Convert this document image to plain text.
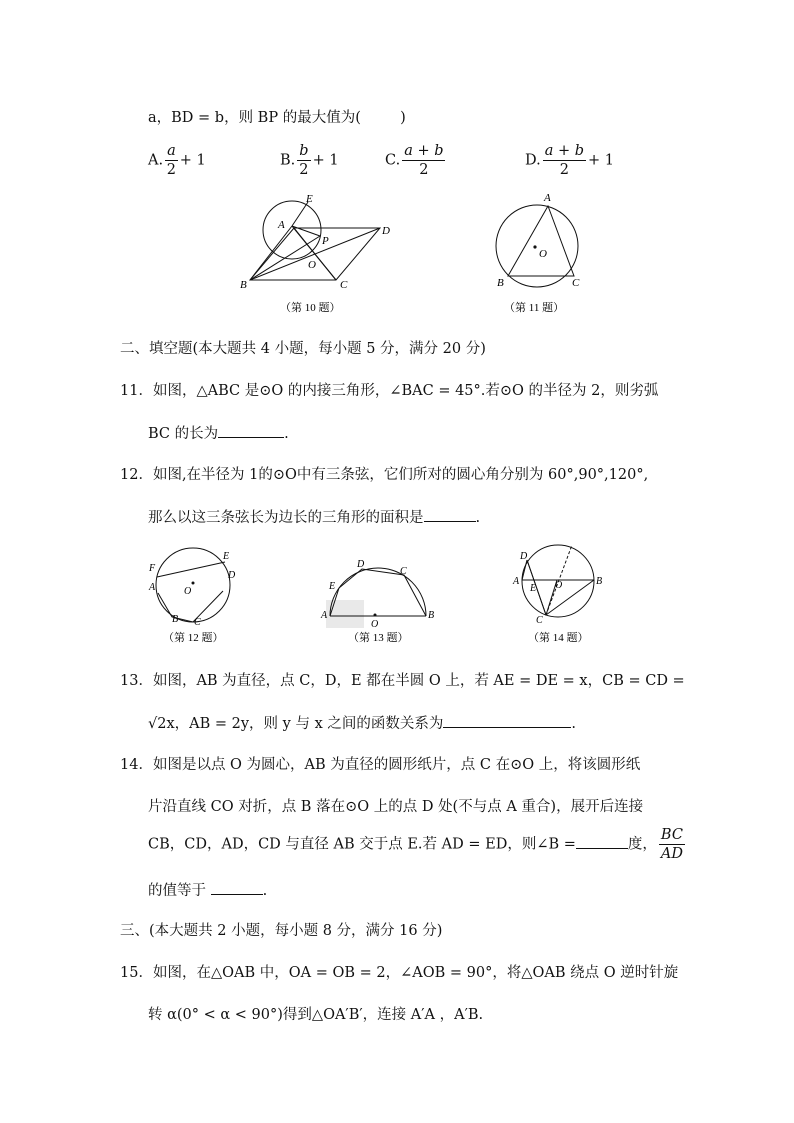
a，BD = b，则 BP 的最大值为(	)
A. $\frac{a}{2} + 1$	B. $\frac{b}{2} + 1$	C. $\frac{a + b}{2}$	D. $\frac{a + b}{2} + 1$
E
A
P
D
O
B	C
（第 10 题）
A
O
B	C
（第 11 题）
二、填空题(本大题共 4 小题，每小题 5 分，满分 20 分)
11．如图，△ABC 是⊙O 的内接三角形，∠BAC = 45°.若⊙O 的半径为 2，则劣弧
BC 的长为	.
12．如图,在半径为 1的⊙O中有三条弦，它们所对的圆心角分别为 60°,90°,120°,
那么以这三条弦长为边长的三角形的面积是	.
F
E
A
D
O
B C
（第 12 题）
D
C
E
A
O
B
（第 13 题）
D
A
E O	B
C
（第 14 题）
13．如图，AB 为直径，点 C，D，E 都在半圆 O 上，若 AE = DE = x，CB = CD =
√2x，AB = 2y，则 y 与 x 之间的函数关系为	.
14．如图是以点 O 为圆心，AB 为直径的圆形纸片，点 C 在⊙O 上，将该圆形纸
片沿直线 CO 对折，点 B 落在⊙O 上的点 D 处(不与点 A 重合)，展开后连接
CB，CD，AD，CD 与直径 AB 交于点 E.若 AD = ED，则∠B =	度， $\frac{BC}{AD}$
的值等于	.
三、(本大题共 2 小题，每小题 8 分，满分 16 分)
15．如图，在△OAB 中，OA = OB = 2，∠AOB = 90°，将△OAB 绕点 O 逆时针旋
转 α(0° < α < 90°)得到△OA′B′，连接 A′A ，A′B.
